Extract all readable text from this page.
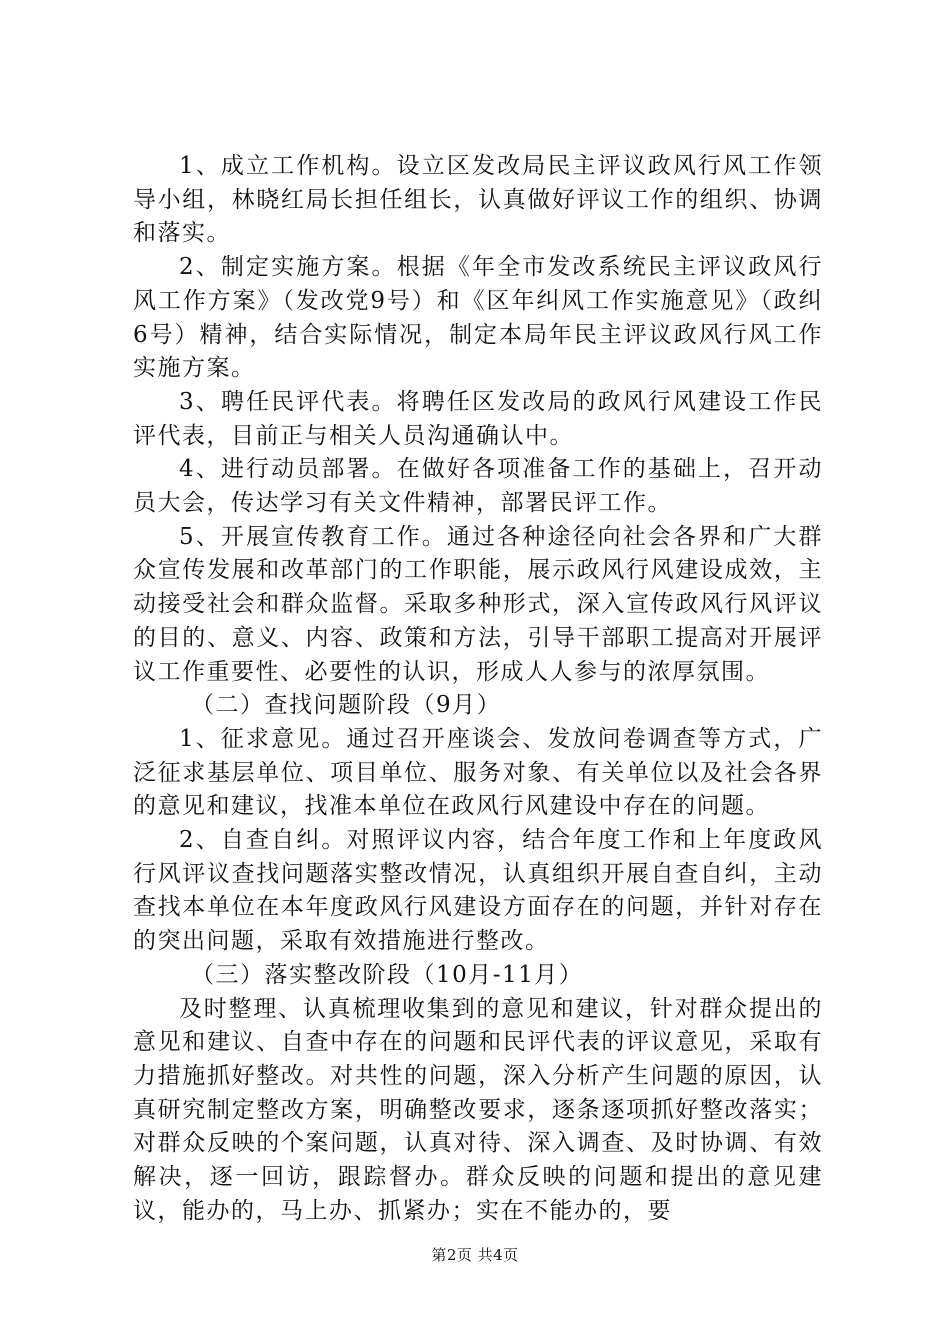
1、成立工作机构。设立区发改局民主评议政风行风工作领导小组，林晓红局长担任组长，认真做好评议工作的组织、协调和落实。

2、制定实施方案。根据《年全市发改系统民主评议政风行风工作方案》（发改党9号）和《区年纠风工作实施意见》（政纠6号）精神，结合实际情况，制定本局年民主评议政风行风工作实施方案。

3、聘任民评代表。将聘任区发改局的政风行风建设工作民评代表，目前正与相关人员沟通确认中。

4、进行动员部署。在做好各项准备工作的基础上，召开动员大会，传达学习有关文件精神，部署民评工作。

5、开展宣传教育工作。通过各种途径向社会各界和广大群众宣传发展和改革部门的工作职能，展示政风行风建设成效，主动接受社会和群众监督。采取多种形式，深入宣传政风行风评议的目的、意义、内容、政策和方法，引导干部职工提高对开展评议工作重要性、必要性的认识，形成人人参与的浓厚氛围。

（二）查找问题阶段（9月）

1、征求意见。通过召开座谈会、发放问卷调查等方式，广泛征求基层单位、项目单位、服务对象、有关单位以及社会各界的意见和建议，找准本单位在政风行风建设中存在的问题。

2、自查自纠。对照评议内容，结合年度工作和上年度政风行风评议查找问题落实整改情况，认真组织开展自查自纠，主动查找本单位在本年度政风行风建设方面存在的问题，并针对存在的突出问题，采取有效措施进行整改。

（三）落实整改阶段（10月-11月）

及时整理、认真梳理收集到的意见和建议，针对群众提出的意见和建议、自查中存在的问题和民评代表的评议意见，采取有力措施抓好整改。对共性的问题，深入分析产生问题的原因，认真研究制定整改方案，明确整改要求，逐条逐项抓好整改落实；对群众反映的个案问题，认真对待、深入调查、及时协调、有效解决，逐一回访，跟踪督办。群众反映的问题和提出的意见建议，能办的，马上办、抓紧办；实在不能办的，要

第2页 共4页
